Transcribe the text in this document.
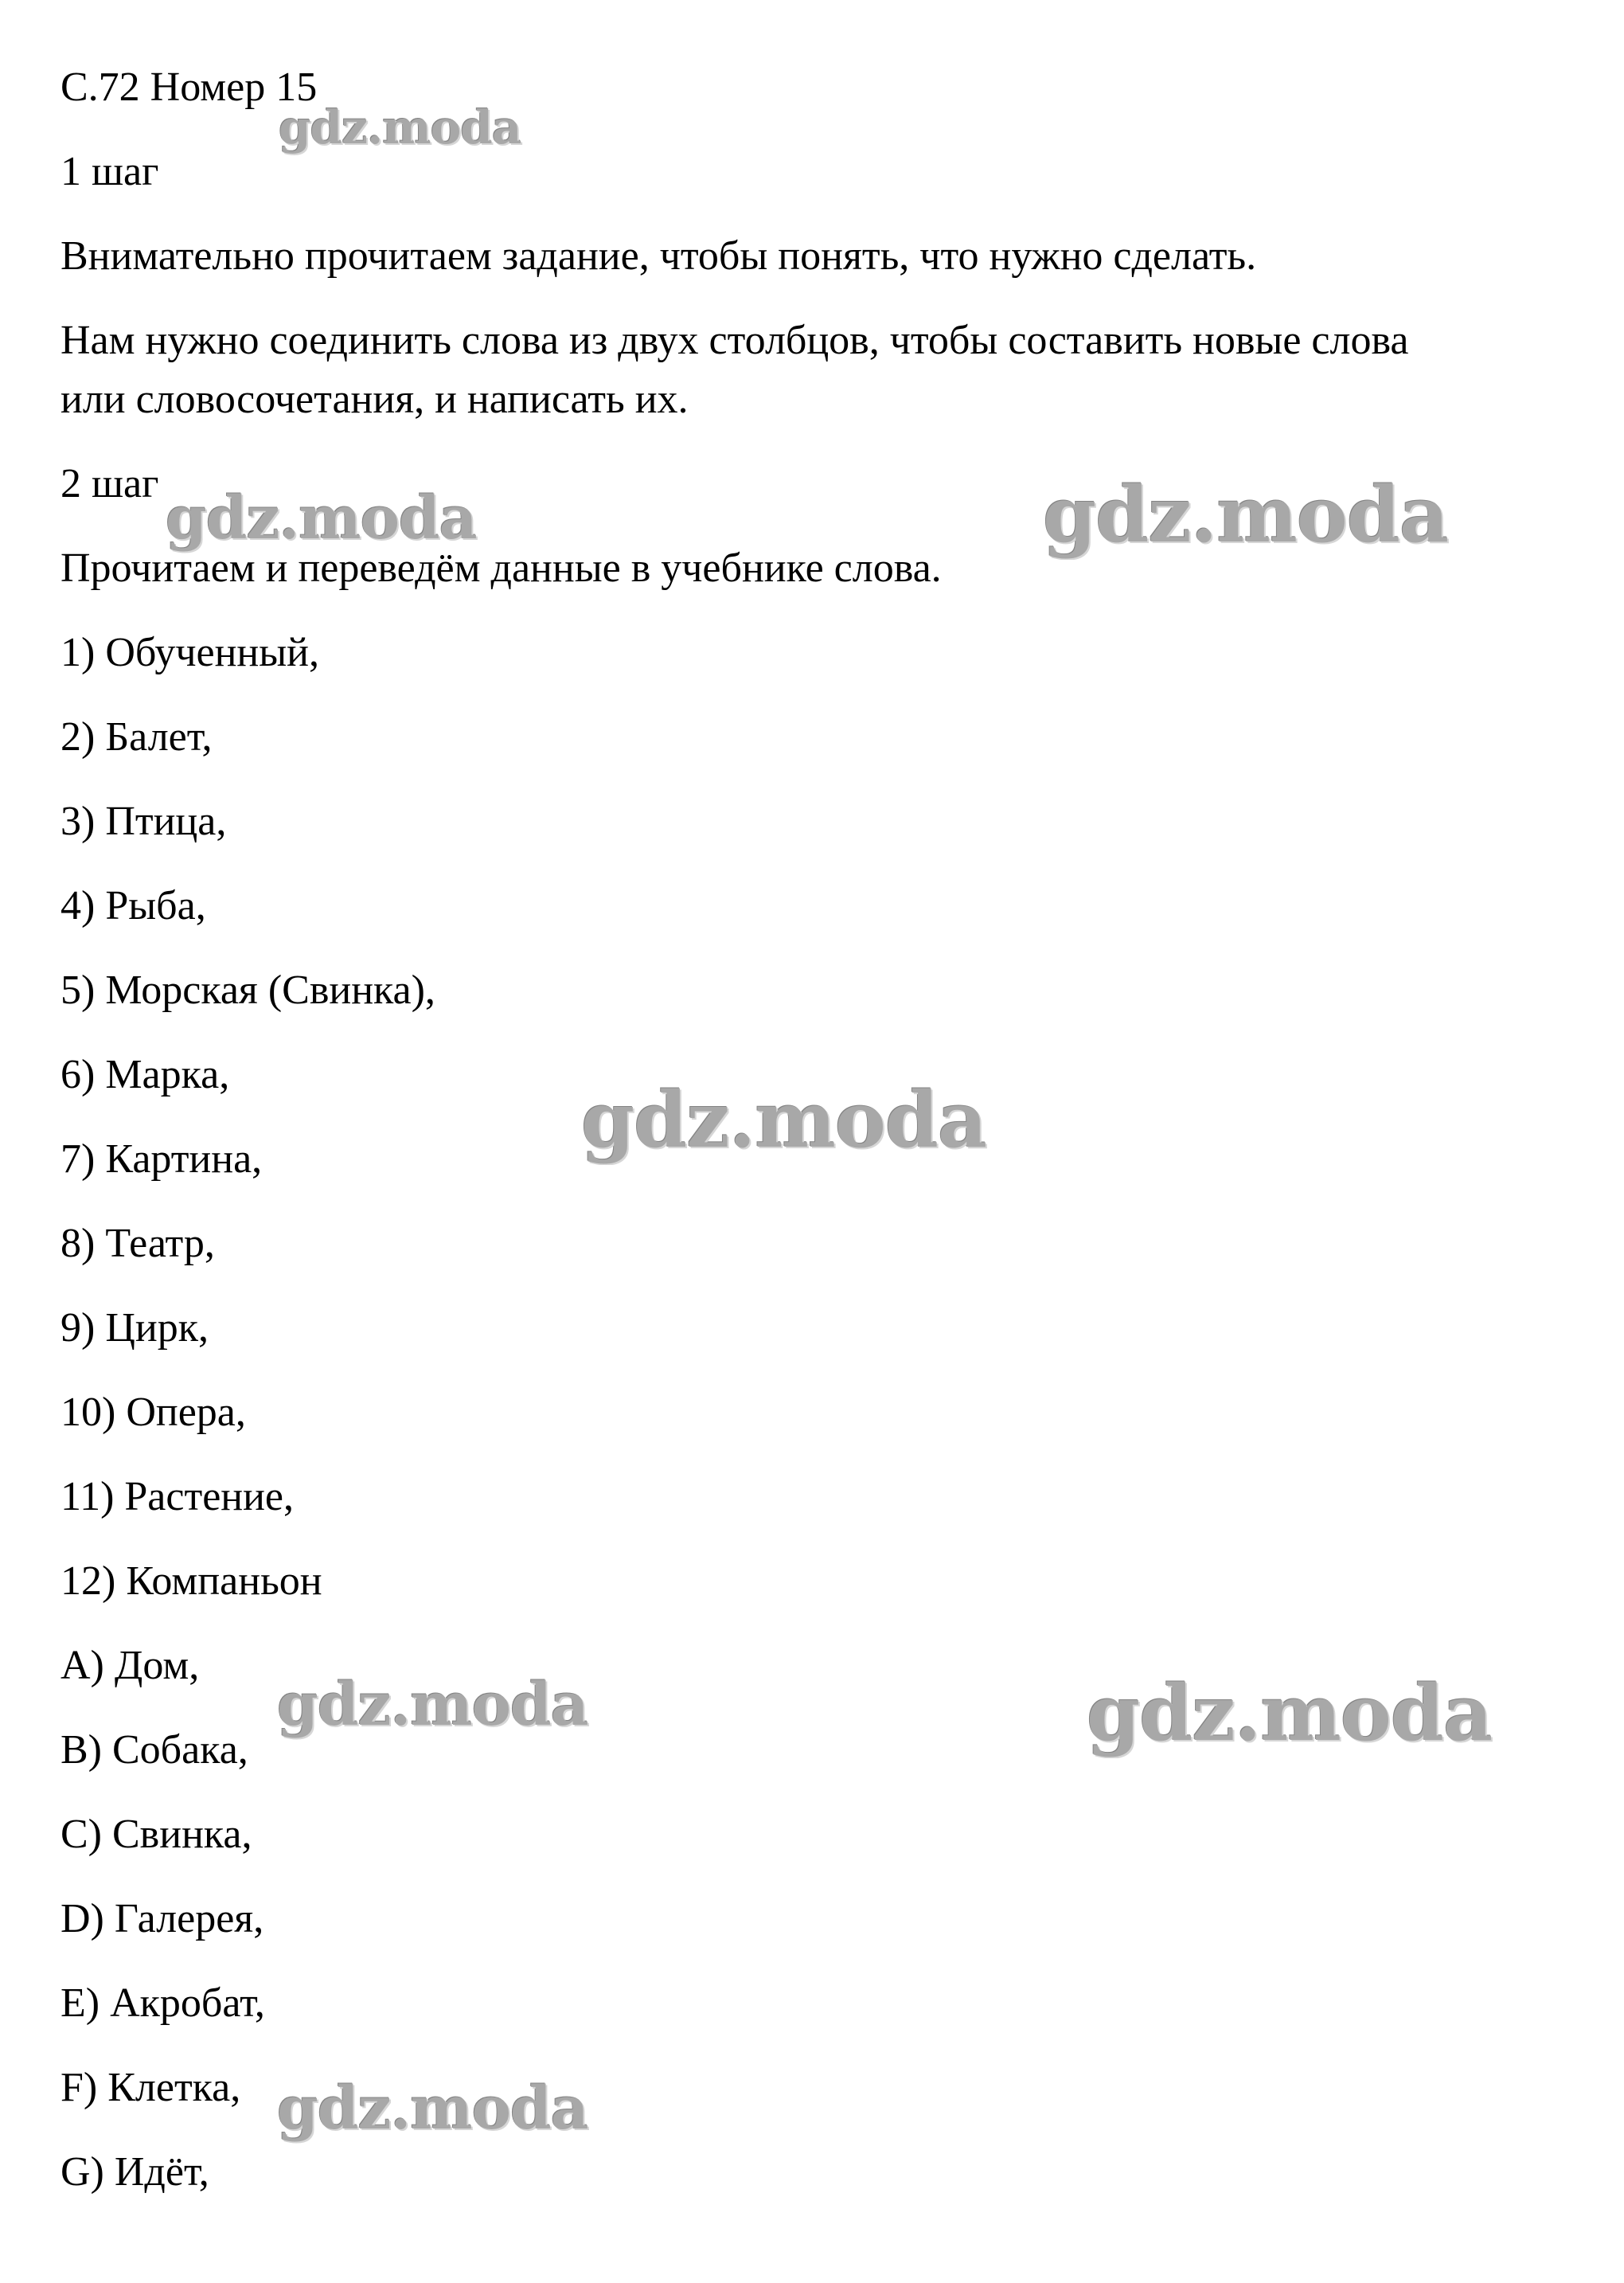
С.72 Номер 15
1 шаг
Внимательно прочитаем задание, чтобы понять, что нужно сделать.
Нам нужно соединить слова из двух столбцов, чтобы составить новые слова
или словосочетания, и написать их.
2 шаг
Прочитаем и переведём данные в учебнике слова.
1) Обученный,
2) Балет,
3) Птица,
4) Рыба,
5) Морская (Свинка),
6) Марка,
7) Картина,
8) Театр,
9) Цирк,
10) Опера,
11) Растение,
12) Компаньон
A) Дом,
B) Собака,
C) Свинка,
D) Галерея,
E) Акробат,
F) Клетка,
G) Идёт,
gdz.moda
gdz.moda	gdz.moda
gdz.moda
gdz.moda	gdz.moda
gdz.moda
